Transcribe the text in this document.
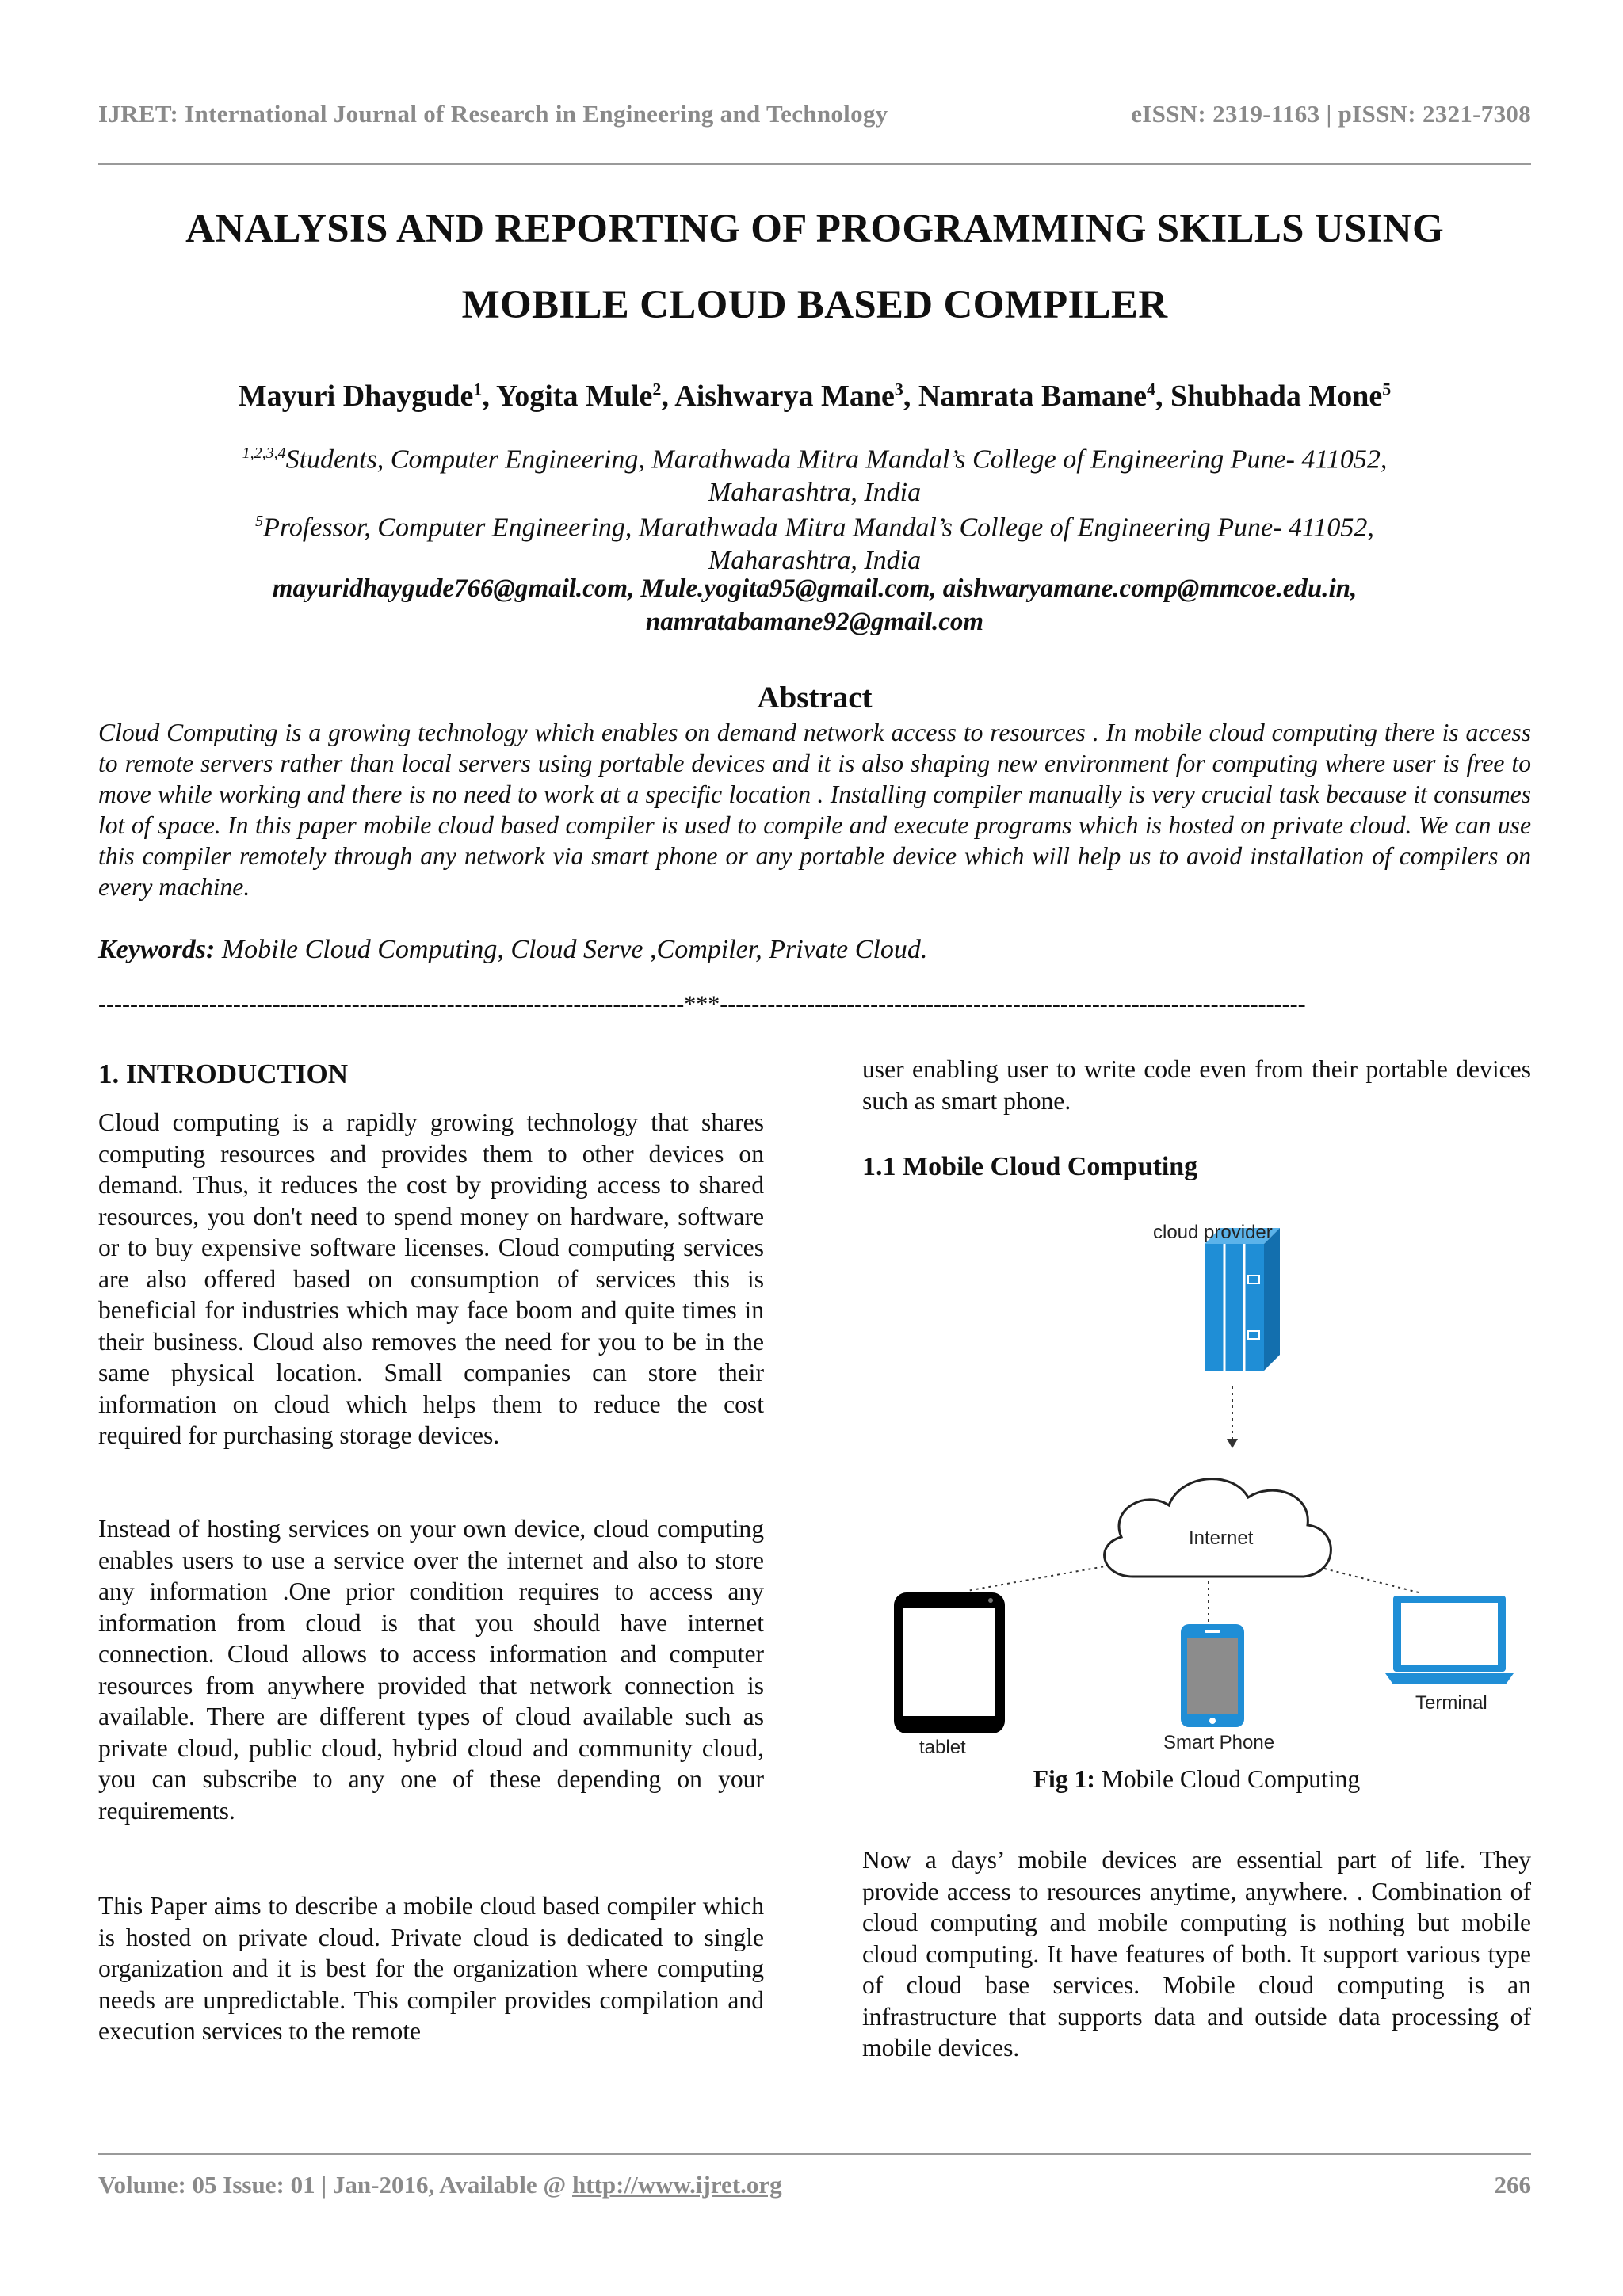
IJRET: International Journal of Research in Engineering and Technology	eISSN: 2319-1163 | pISSN: 2321-7308
ANALYSIS AND REPORTING OF PROGRAMMING SKILLS USING
MOBILE CLOUD BASED COMPILER
Mayuri Dhaygude$^1$, Yogita Mule$^2$, Aishwarya Mane$^3$, Namrata Bamane$^4$, Shubhada Mone$^5$
$^{1,2,3,4}$Students, Computer Engineering, Marathwada Mitra Mandal’s College of Engineering Pune- 411052,
Maharashtra, India
$^5$Professor, Computer Engineering, Marathwada Mitra Mandal’s College of Engineering Pune- 411052,
Maharashtra, India
mayuridhaygude766@gmail.com, Mule.yogita95@gmail.com, aishwaryamane.comp@mmcoe.edu.in,
namratabamane92@gmail.com
Abstract
Cloud Computing is a growing technology which enables on demand network access to resources . In mobile cloud computing there is access to remote servers rather than local servers using portable devices and it is also shaping new environment for computing where user is free to move while working and there is no need to work at a specific location . Installing compiler manually is very crucial task because it consumes lot of space. In this paper mobile cloud based compiler is used to compile and execute programs which is hosted on private cloud. We can use this compiler remotely through any network via smart phone or any portable device which will help us to avoid installation of compilers on every machine.
Keywords: Mobile Cloud Computing, Cloud Serve ,Compiler, Private Cloud.
--------------------------------------------------------------------------***--------------------------------------------------------------------------
1. INTRODUCTION

Cloud computing is a rapidly growing technology that shares computing resources and provides them to other devices on demand. Thus, it reduces the cost by providing access to shared resources, you don't need to spend money on hardware, software or to buy expensive software licenses. Cloud computing services are also offered based on consumption of services this is beneficial for industries which may face boom and quite times in their business. Cloud also removes the need for you to be in the same physical location. Small companies can store their information on cloud which helps them to reduce the cost required for purchasing storage devices.

Instead of hosting services on your own device, cloud computing enables users to use a service over the internet and also to store any information .One prior condition requires to access any information from cloud is that you should have internet connection. Cloud allows to access information and computer resources from anywhere provided that network connection is available. There are different types of cloud available such as private cloud, public cloud, hybrid cloud and community cloud, you can subscribe to any one of these depending on your requirements.

This Paper aims to describe a mobile cloud based compiler which is hosted on private cloud. Private cloud is dedicated to single organization and it is best for the organization where computing needs are unpredictable. This compiler provides compilation and execution services to the remote

user enabling user to write code even from their portable devices such as smart phone.

1.1 Mobile Cloud Computing
cloud provider
Internet
tablet	Smart Phone
Terminal
Fig 1: Mobile Cloud Computing

Now a days’ mobile devices are essential part of life. They provide access to resources anytime, anywhere. . Combination of cloud computing and mobile computing is nothing but mobile cloud computing. It have features of both. It support various type of cloud base services. Mobile cloud computing is an infrastructure that supports data and outside data processing of mobile devices.

Volume: 05 Issue: 01 | Jan-2016, Available @ http://www.ijret.org	266
